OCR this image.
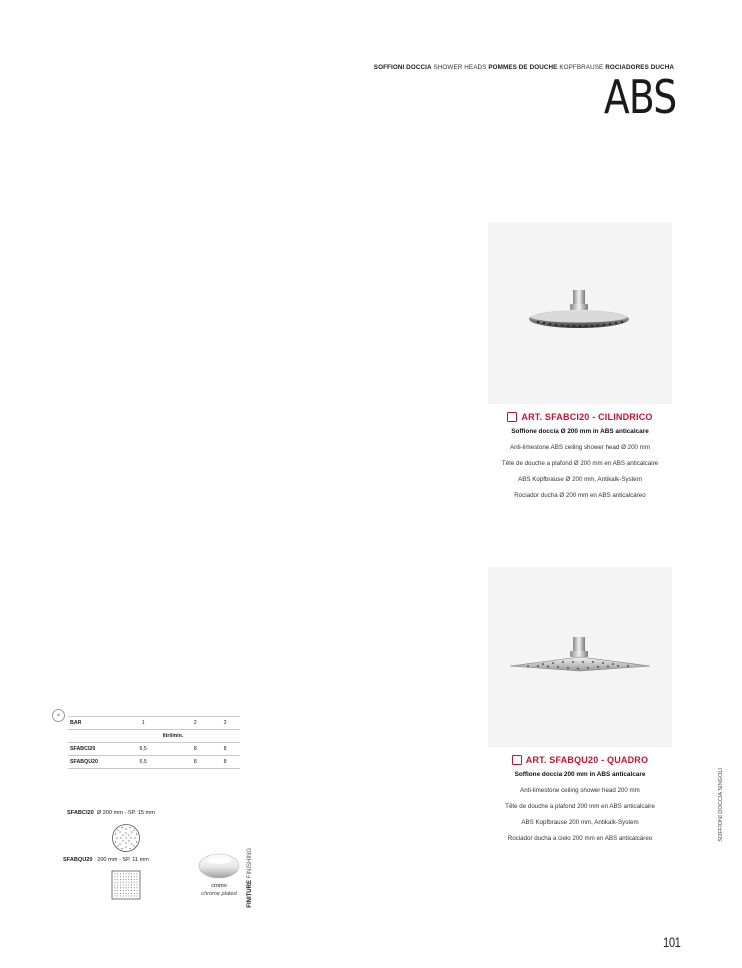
SOFFIONI DOCCIA SHOWER HEADS POMMES DE DOUCHE KOPFBRAUSE ROCIADORES DUCHA
ABS
ART. SFABCI20 - CILINDRICO
Soffione doccia Ø 200 mm in ABS anticalcare
Anti-limestone ABS ceiling shower head Ø 200 mm
Tête de douche a plafond Ø 200 mm en ABS anticalcaire
ABS Kopfbrause Ø 200 mm, Antikalk-System
Rociador ducha Ø 200 mm en ABS anticalcáreo
ART. SFABQU20 - QUADRO
Soffione doccia 200 mm in ABS anticalcare
Anti-limestone ceiling shower head 200 mm
Tête de douche a plafond 200 mm en ABS anticalcaire
ABS Kopfbrause 200 mm, Antikalk-System
Rociador ducha a cielo 200 mm en ABS anticalcáreo	SOFFIONI DOCCIA SINGOLI
⌀
BAR	1	2	3
	litri/min.		
SFABCI20	6,5	8	8
SFABQU20	6,5	8	8
SFABCI20 Ø 200 mm - SP. 15 mm
SFABQU20 200 mm - SP. 11 mm
cromo
chrome plated	FINITURE FINISHING
101
